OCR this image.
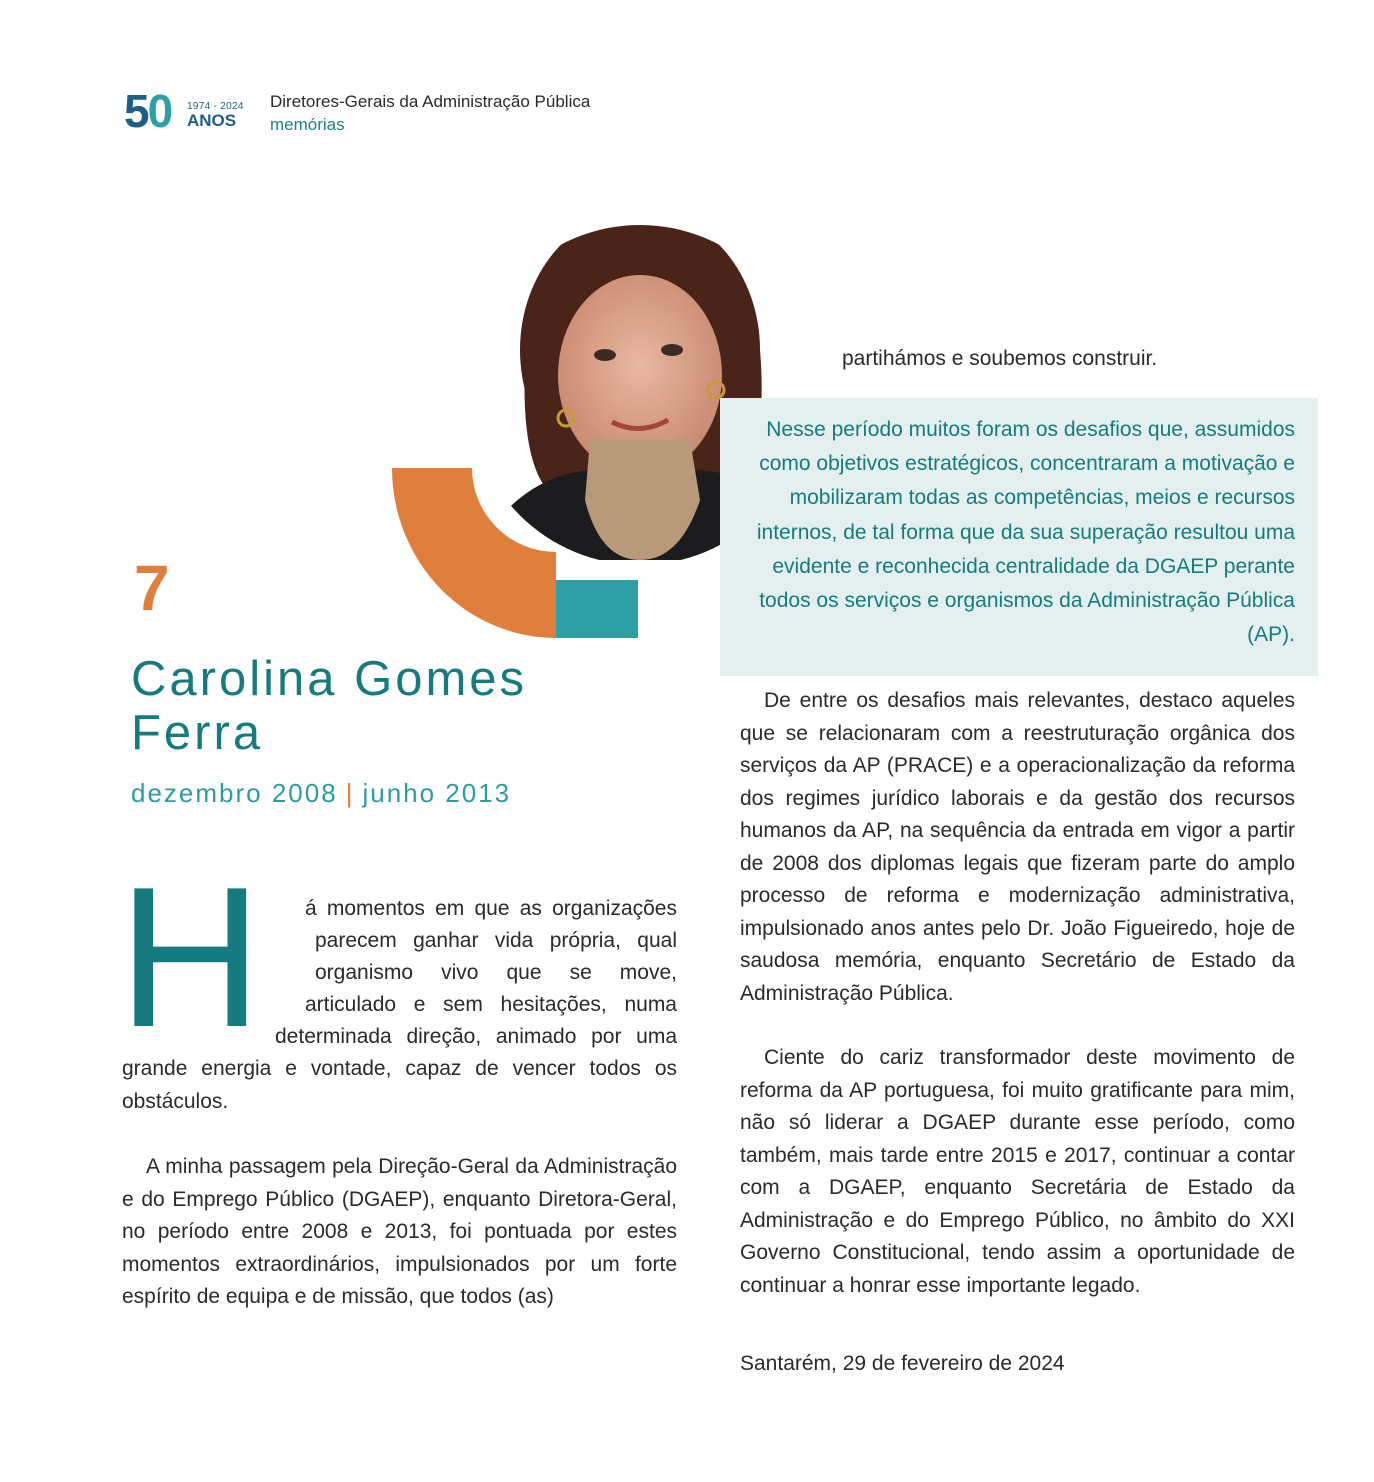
50 1974 - 2024
ANOS
Diretores-Gerais da Administração Pública
memórias
7
Carolina Gomes Ferra
dezembro 2008 | junho 2013
H á momentos em que as organizações
parecem ganhar vida própria, qual
organismo vivo que se move,
articulado e sem hesitações, numa
determinada direção, animado por uma
grande energia e vontade, capaz de vencer todos os obstáculos.
A minha passagem pela Direção-Geral da Administração e do Emprego Público (DGAEP), enquanto Diretora-Geral, no período entre 2008 e 2013, foi pontuada por estes momentos extraordinários, impulsionados por um forte espírito de equipa e de missão, que todos (as)
partihámos e soubemos construir.
Nesse período muitos foram os desafios que, assumidos como objetivos estratégicos, concentraram a motivação e mobilizaram todas as competências, meios e recursos internos, de tal forma que da sua superação resultou uma evidente e reconhecida centralidade da DGAEP perante todos os serviços e organismos da Administração Pública (AP).
De entre os desafios mais relevantes, destaco aqueles que se relacionaram com a reestruturação orgânica dos serviços da AP (PRACE) e a operacionalização da reforma dos regimes jurídico laborais e da gestão dos recursos humanos da AP, na sequência da entrada em vigor a partir de 2008 dos diplomas legais que fizeram parte do amplo processo de reforma e modernização administrativa, impulsionado anos antes pelo Dr. João Figueiredo, hoje de saudosa memória, enquanto Secretário de Estado da Administração Pública.
Ciente do cariz transformador deste movimento de reforma da AP portuguesa, foi muito gratificante para mim, não só liderar a DGAEP durante esse período, como também, mais tarde entre 2015 e 2017, continuar a contar com a DGAEP, enquanto Secretária de Estado da Administração e do Emprego Público, no âmbito do XXI Governo Constitucional, tendo assim a oportunidade de continuar a honrar esse importante legado.
Santarém, 29 de fevereiro de 2024
